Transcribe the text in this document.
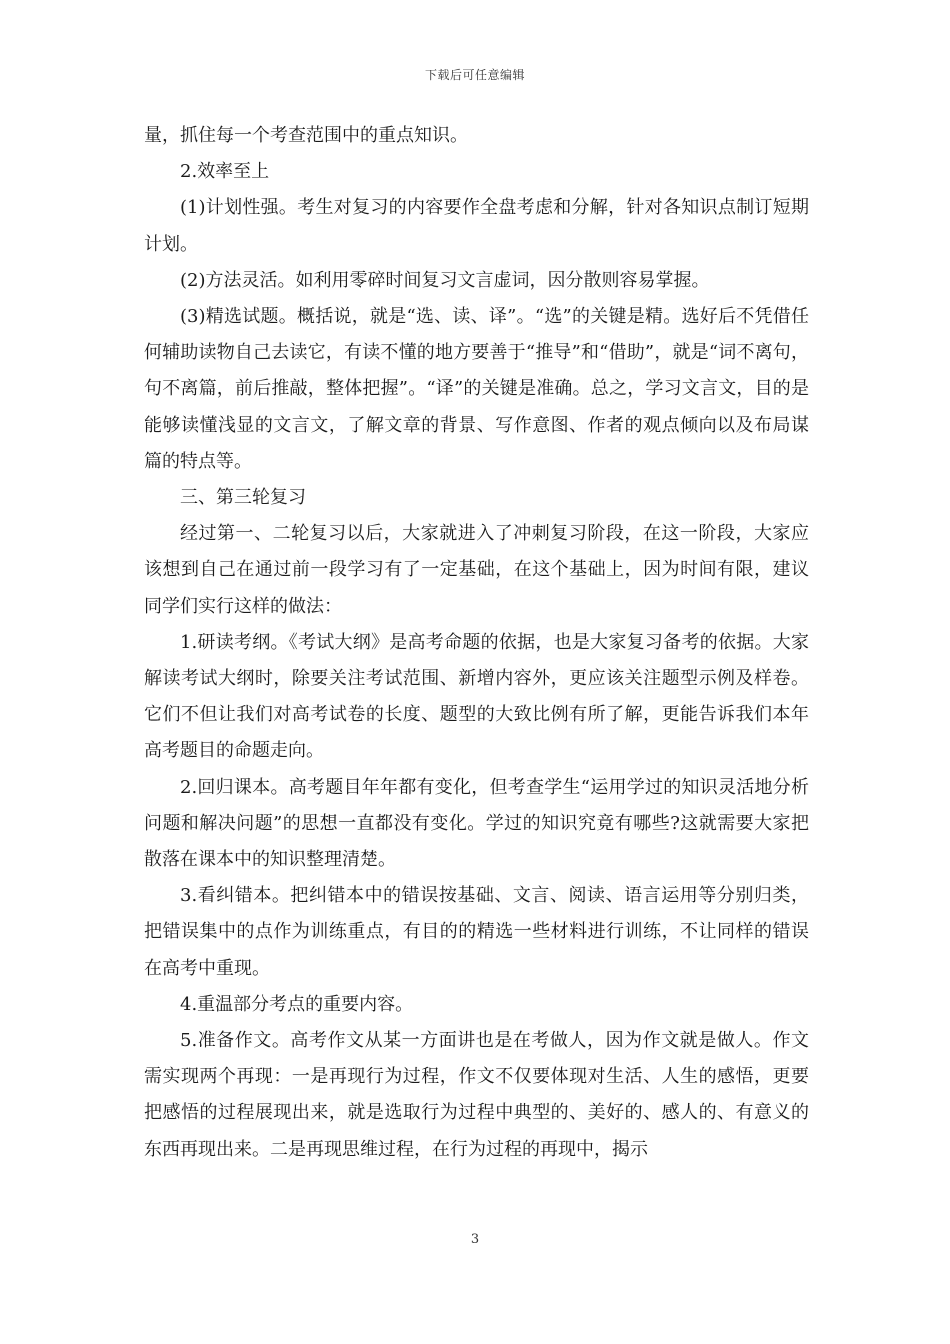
下载后可任意编辑

量，抓住每一个考查范围中的重点知识。

2.效率至上

(1)计划性强。考生对复习的内容要作全盘考虑和分解，针对各知识点制订短期计划。

(2)方法灵活。如利用零碎时间复习文言虚词，因分散则容易掌握。

(3)精选试题。概括说，就是“选、读、译”。“选”的关键是精。选好后不凭借任何辅助读物自己去读它，有读不懂的地方要善于“推导”和“借助”，就是“词不离句，句不离篇，前后推敲，整体把握”。“译”的关键是准确。总之，学习文言文，目的是能够读懂浅显的文言文，了解文章的背景、写作意图、作者的观点倾向以及布局谋篇的特点等。

三、第三轮复习

经过第一、二轮复习以后，大家就进入了冲刺复习阶段，在这一阶段，大家应该想到自己在通过前一段学习有了一定基础，在这个基础上，因为时间有限，建议同学们实行这样的做法：

1.研读考纲。《考试大纲》是高考命题的依据，也是大家复习备考的依据。大家解读考试大纲时，除要关注考试范围、新增内容外，更应该关注题型示例及样卷。它们不但让我们对高考试卷的长度、题型的大致比例有所了解，更能告诉我们本年高考题目的命题走向。

2.回归课本。高考题目年年都有变化，但考查学生“运用学过的知识灵活地分析问题和解决问题”的思想一直都没有变化。学过的知识究竟有哪些?这就需要大家把散落在课本中的知识整理清楚。

3.看纠错本。把纠错本中的错误按基础、文言、阅读、语言运用等分别归类，把错误集中的点作为训练重点，有目的的精选一些材料进行训练，不让同样的错误在高考中重现。

4.重温部分考点的重要内容。

5.准备作文。高考作文从某一方面讲也是在考做人，因为作文就是做人。作文需实现两个再现：一是再现行为过程，作文不仅要体现对生活、人生的感悟，更要把感悟的过程展现出来，就是选取行为过程中典型的、美好的、感人的、有意义的东西再现出来。二是再现思维过程，在行为过程的再现中，揭示

3
